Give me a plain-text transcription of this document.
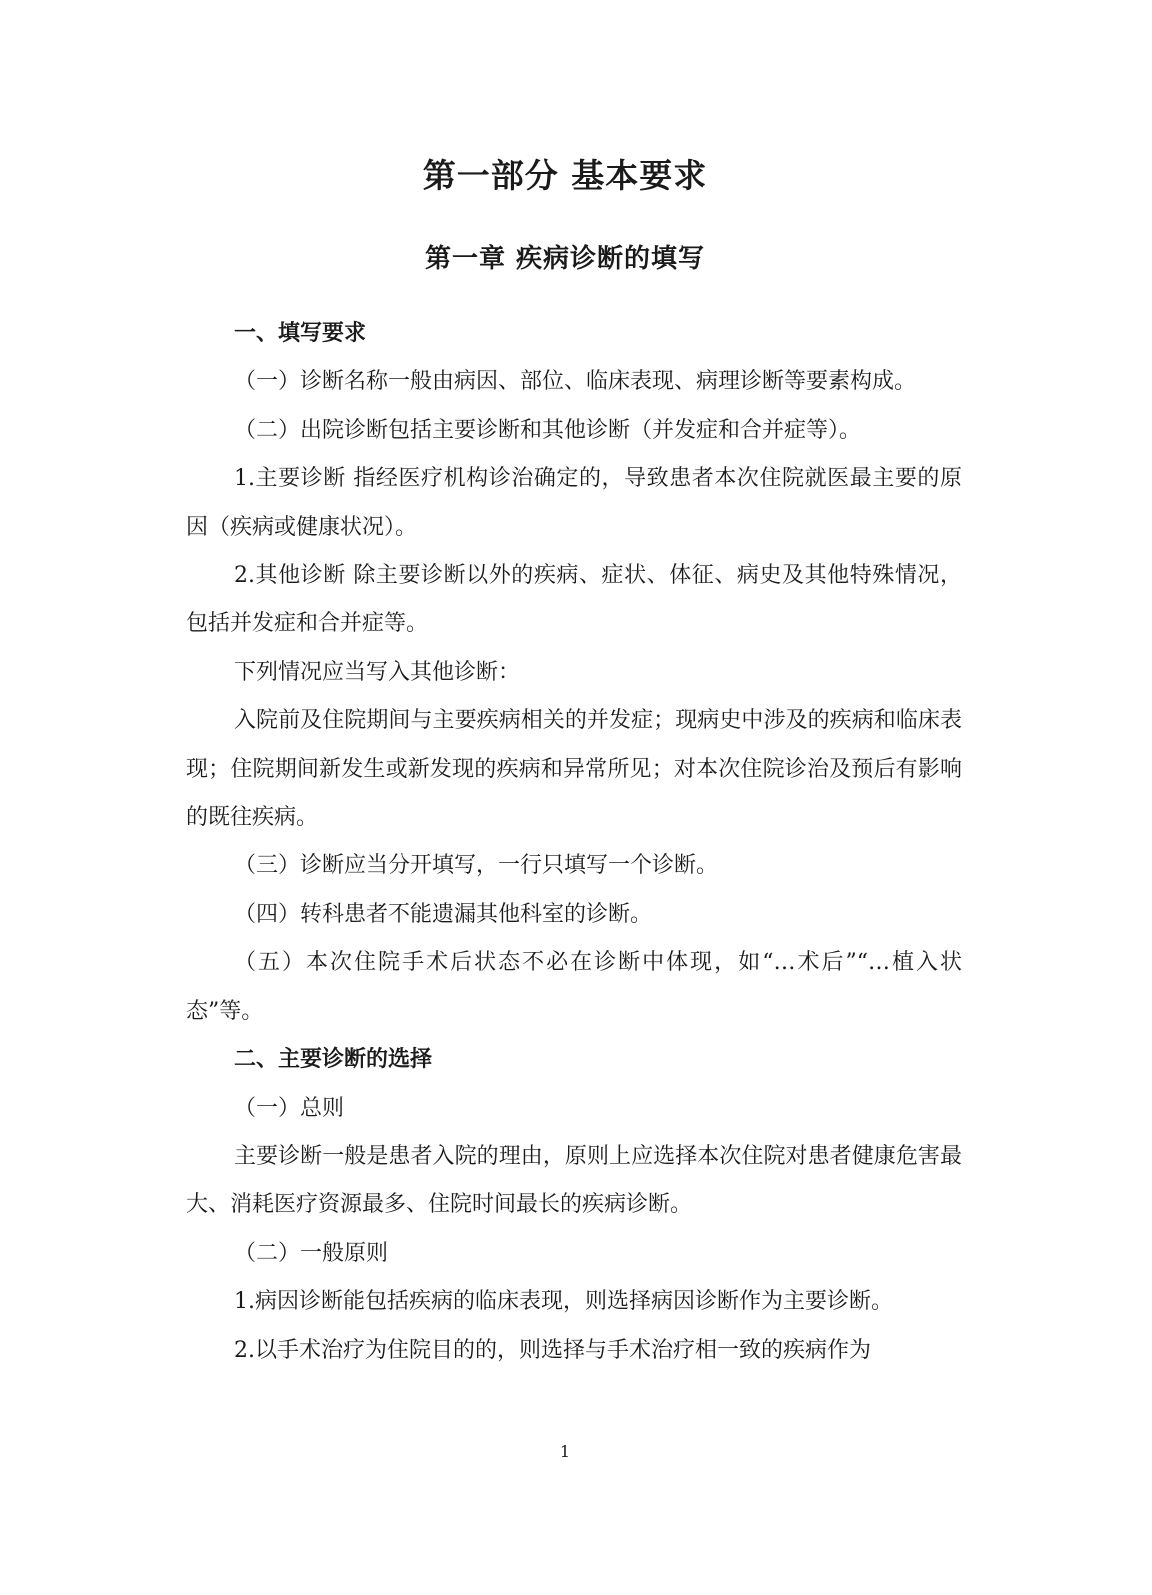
第一部分 基本要求
第一章 疾病诊断的填写

一、填写要求

（一）诊断名称一般由病因、部位、临床表现、病理诊断等要素构成。

（二）出院诊断包括主要诊断和其他诊断（并发症和合并症等）。

1.主要诊断 指经医疗机构诊治确定的，导致患者本次住院就医最主要的原因（疾病或健康状况）。

2.其他诊断 除主要诊断以外的疾病、症状、体征、病史及其他特殊情况，包括并发症和合并症等。

下列情况应当写入其他诊断：

入院前及住院期间与主要疾病相关的并发症；现病史中涉及的疾病和临床表现；住院期间新发生或新发现的疾病和异常所见；对本次住院诊治及预后有影响的既往疾病。

（三）诊断应当分开填写，一行只填写一个诊断。

（四）转科患者不能遗漏其他科室的诊断。

（五）本次住院手术后状态不必在诊断中体现，如“…术后”“…植入状态”等。

二、主要诊断的选择

（一）总则

主要诊断一般是患者入院的理由，原则上应选择本次住院对患者健康危害最大、消耗医疗资源最多、住院时间最长的疾病诊断。

（二）一般原则

1.病因诊断能包括疾病的临床表现，则选择病因诊断作为主要诊断。

2.以手术治疗为住院目的的，则选择与手术治疗相一致的疾病作为

1
